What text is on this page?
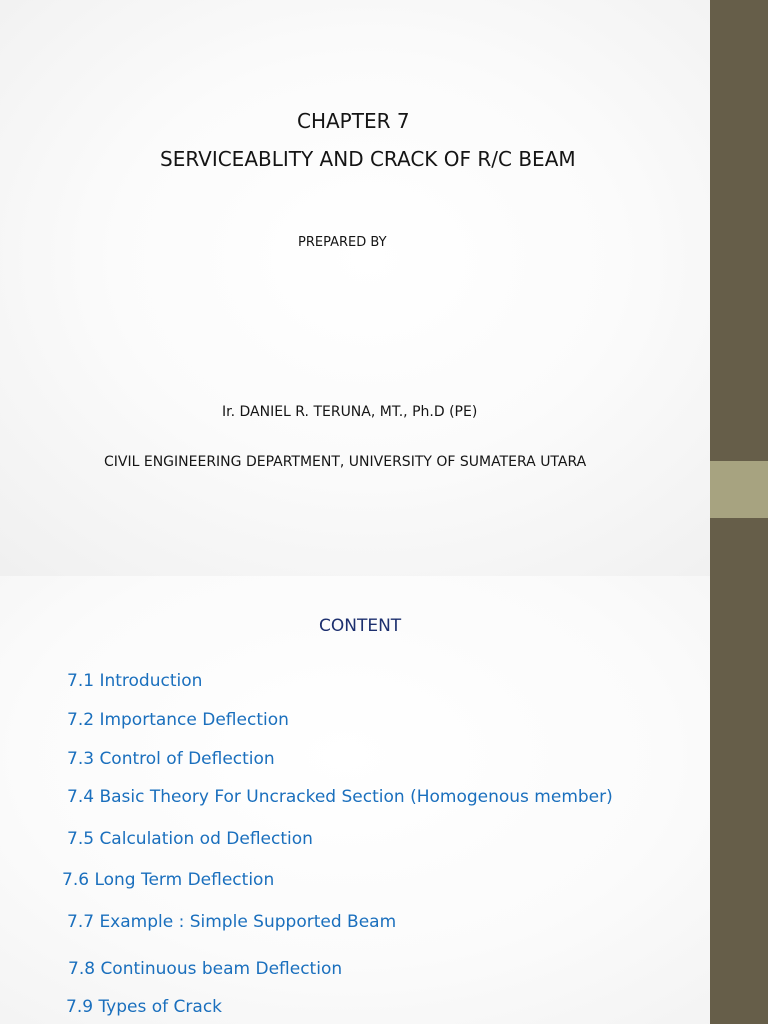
CHAPTER 7
SERVICEABLITY AND CRACK OF R/C BEAM
PREPARED BY
Ir. DANIEL R. TERUNA, MT., Ph.D (PE)
CIVIL ENGINEERING DEPARTMENT, UNIVERSITY OF SUMATERA UTARA
CONTENT
7.1 Introduction
7.2 Importance Deflection
7.3 Control of Deflection
7.4 Basic Theory For Uncracked Section (Homogenous member)
7.5 Calculation od Deflection
7.6 Long Term Deflection
7.7 Example : Simple Supported Beam
7.8 Continuous beam Deflection
7.9 Types of Crack
